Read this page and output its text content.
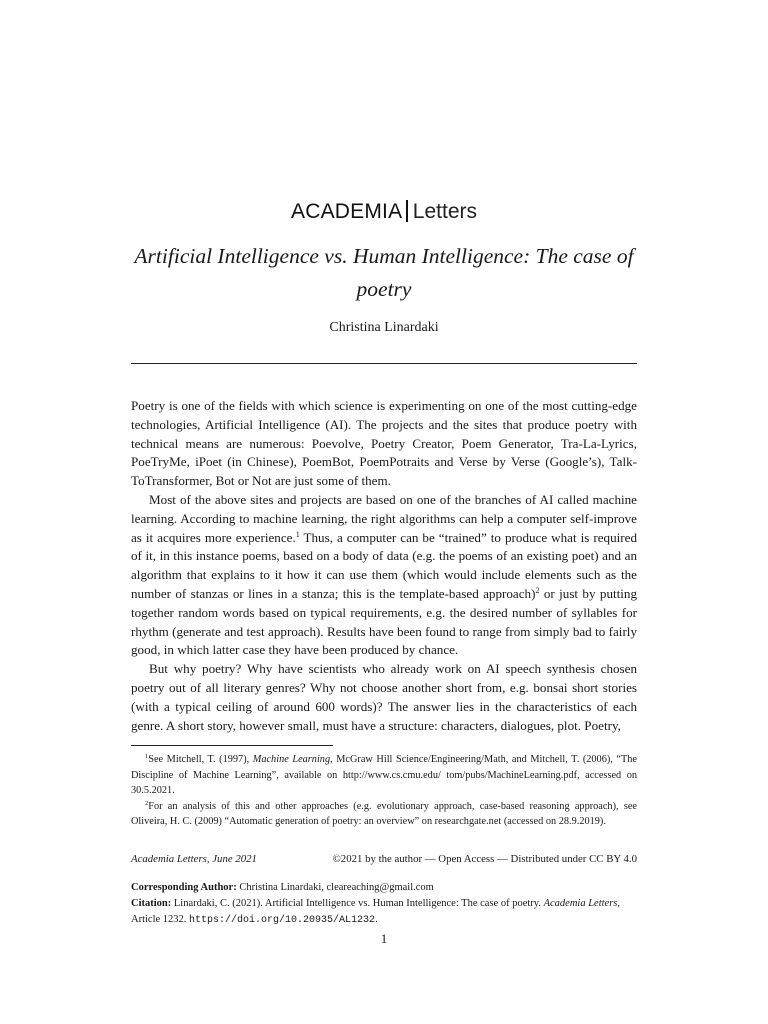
ACADEMIA Letters
Artificial Intelligence vs. Human Intelligence: The case of poetry
Christina Linardaki

Poetry is one of the fields with which science is experimenting on one of the most cutting-edge technologies, Artificial Intelligence (AI). The projects and the sites that produce poetry with technical means are numerous: Poevolve, Poetry Creator, Poem Generator, Tra-La-Lyrics, PoeTryMe, iPoet (in Chinese), PoemBot, PoemPotraits and Verse by Verse (Google’s), Talk-ToTransformer, Bot or Not are just some of them.

Most of the above sites and projects are based on one of the branches of AI called machine learning. According to machine learning, the right algorithms can help a computer self-improve as it acquires more experience.$^1$ Thus, a computer can be “trained” to produce what is required of it, in this instance poems, based on a body of data (e.g. the poems of an existing poet) and an algorithm that explains to it how it can use them (which would include elements such as the number of stanzas or lines in a stanza; this is the template-based approach)$^2$ or just by putting together random words based on typical requirements, e.g. the desired number of syllables for rhythm (generate and test approach). Results have been found to range from simply bad to fairly good, in which latter case they have been produced by chance.

But why poetry? Why have scientists who already work on AI speech synthesis chosen poetry out of all literary genres? Why not choose another short from, e.g. bonsai short stories (with a typical ceiling of around 600 words)? The answer lies in the characteristics of each genre. A short story, however small, must have a structure: characters, dialogues, plot. Poetry,

$^1$See Mitchell, T. (1997), Machine Learning, McGraw Hill Science/Engineering/Math, and Mitchell, T. (2006), “The Discipline of Machine Learning”, available on http://www.cs.cmu.edu/ tom/pubs/MachineLearning.pdf, accessed on 30.5.2021.

$^2$For an analysis of this and other approaches (e.g. evolutionary approach, case-based reasoning approach), see Oliveira, H. C. (2009) “Automatic generation of poetry: an overview” on researchgate.net (accessed on 28.9.2019).

Academia Letters, June 2021	©2021 by the author — Open Access — Distributed under CC BY 4.0

Corresponding Author: Christina Linardaki, cleareaching@gmail.com

Citation: Linardaki, C. (2021). Artificial Intelligence vs. Human Intelligence: The case of poetry. Academia Letters, Article 1232. https://doi.org/10.20935/AL1232.

1
